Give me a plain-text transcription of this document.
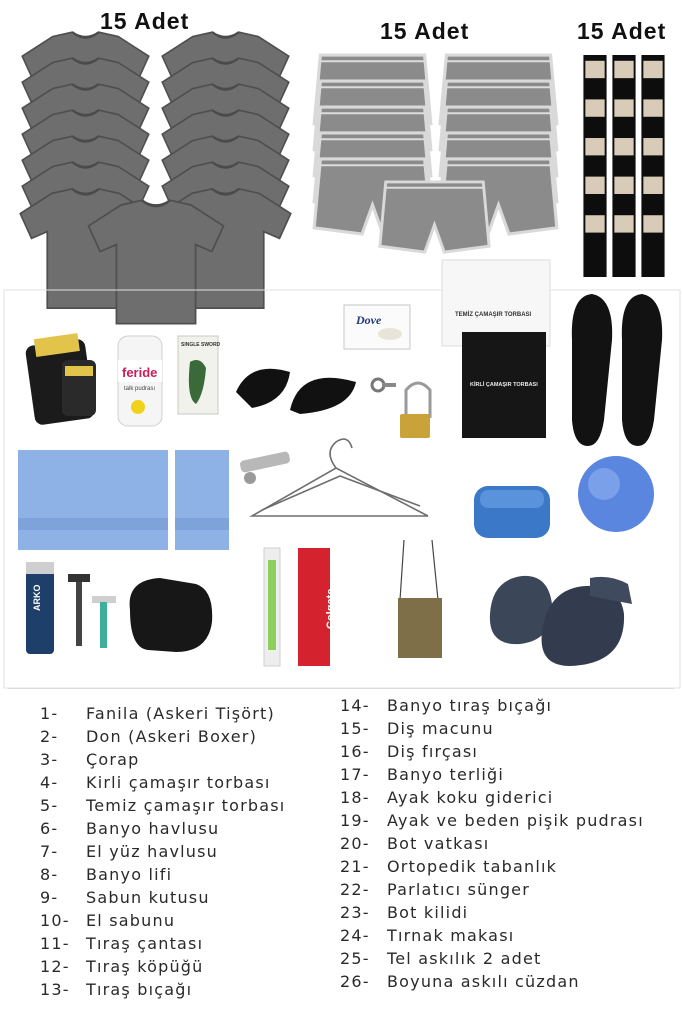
15 Adet	15 Adet	15 Adet
feride
talk pudrası
SINGLE SWORD
Dove	TEMİZ ÇAMAŞIR TORBASI
KİRLİ ÇAMAŞIR TORBASI
ARKO	Colgate
1- Fanila (Askeri Tişört)
2- Don (Askeri Boxer)
3- Çorap
4- Kirli çamaşır torbası
5- Temiz çamaşır torbası
6- Banyo havlusu
7- El yüz havlusu
8- Banyo lifi
9- Sabun kutusu
10- El sabunu
11- Tıraş çantası
12- Tıraş köpüğü
13- Tıraş bıçağı
14- Banyo tıraş bıçağı
15- Diş macunu
16- Diş fırçası
17- Banyo terliği
18- Ayak koku giderici
19- Ayak ve beden pişik pudrası
20- Bot vatkası
21- Ortopedik tabanlık
22- Parlatıcı sünger
23- Bot kilidi
24- Tırnak makası
25- Tel askılık 2 adet
26- Boyuna askılı cüzdan
